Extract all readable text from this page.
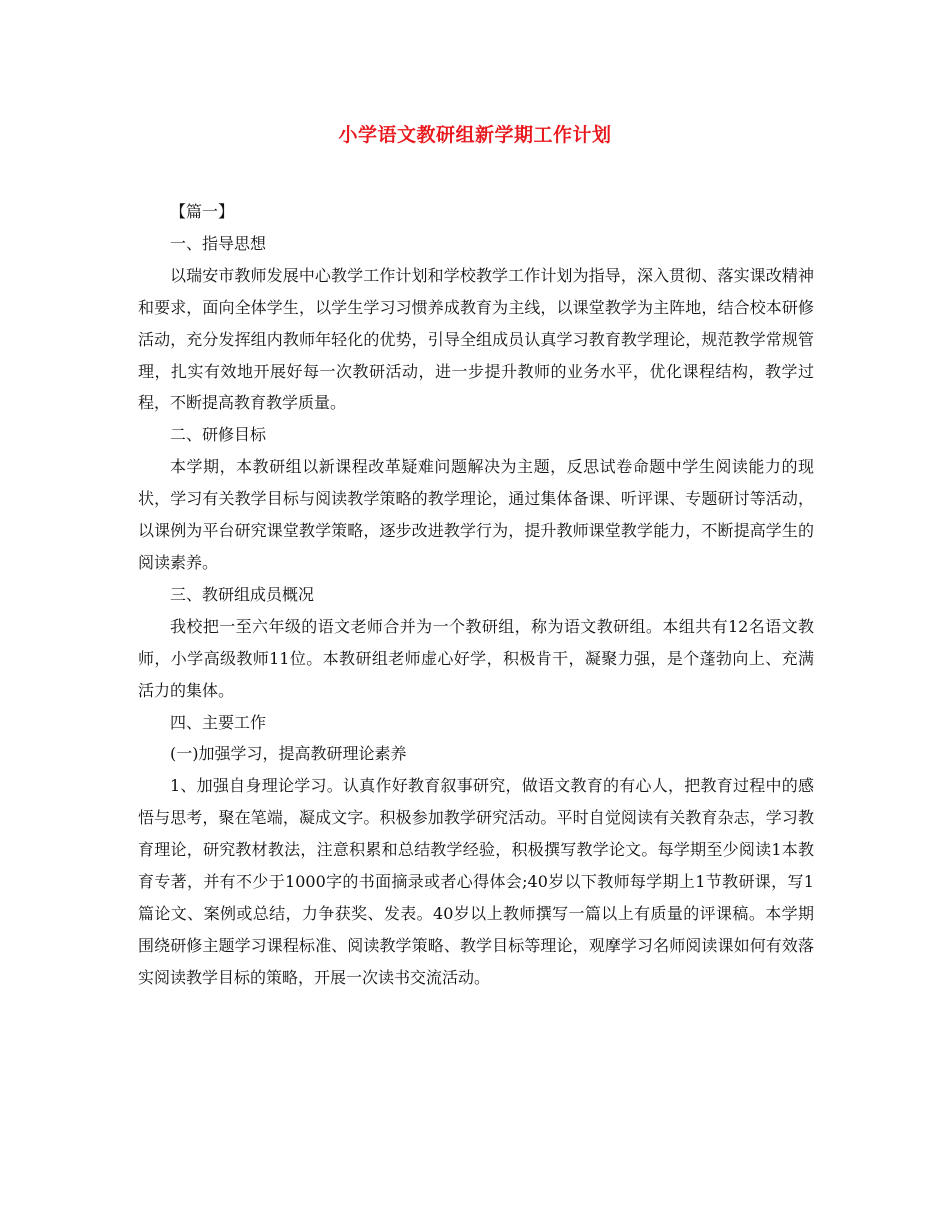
小学语文教研组新学期工作计划

【篇一】

一、指导思想

以瑞安市教师发展中心教学工作计划和学校教学工作计划为指导，深入贯彻、落实课改精神和要求，面向全体学生，以学生学习习惯养成教育为主线，以课堂教学为主阵地，结合校本研修活动，充分发挥组内教师年轻化的优势，引导全组成员认真学习教育教学理论，规范教学常规管理，扎实有效地开展好每一次教研活动，进一步提升教师的业务水平，优化课程结构，教学过程，不断提高教育教学质量。

二、研修目标

本学期，本教研组以新课程改革疑难问题解决为主题，反思试卷命题中学生阅读能力的现状，学习有关教学目标与阅读教学策略的教学理论，通过集体备课、听评课、专题研讨等活动，以课例为平台研究课堂教学策略，逐步改进教学行为，提升教师课堂教学能力，不断提高学生的阅读素养。

三、教研组成员概况

我校把一至六年级的语文老师合并为一个教研组，称为语文教研组。本组共有12名语文教师，小学高级教师11位。本教研组老师虚心好学，积极肯干，凝聚力强，是个蓬勃向上、充满活力的集体。

四、主要工作

(一)加强学习，提高教研理论素养

1、加强自身理论学习。认真作好教育叙事研究，做语文教育的有心人，把教育过程中的感悟与思考，聚在笔端，凝成文字。积极参加教学研究活动。平时自觉阅读有关教育杂志，学习教育理论，研究教材教法，注意积累和总结教学经验，积极撰写教学论文。每学期至少阅读1本教育专著，并有不少于1000字的书面摘录或者心得体会;40岁以下教师每学期上1节教研课，写1篇论文、案例或总结，力争获奖、发表。40岁以上教师撰写一篇以上有质量的评课稿。本学期围绕研修主题学习课程标准、阅读教学策略、教学目标等理论，观摩学习名师阅读课如何有效落实阅读教学目标的策略，开展一次读书交流活动。
